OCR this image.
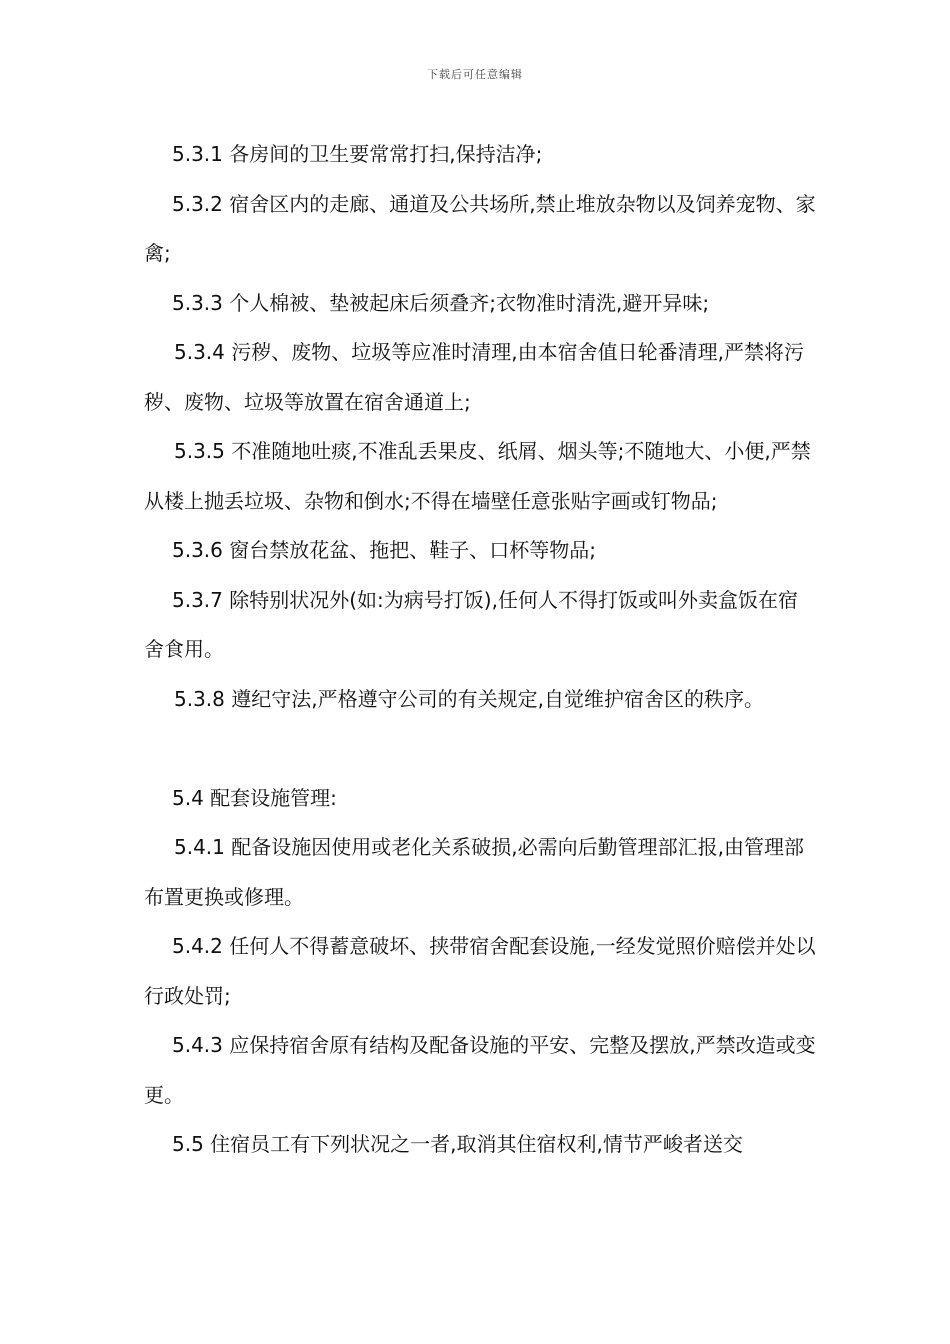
下载后可任意编辑

5.3.1 各房间的卫生要常常打扫,保持洁净;

5.3.2 宿舍区内的走廊、通道及公共场所,禁止堆放杂物以及饲养宠物、家禽;

5.3.3 个人棉被、垫被起床后须叠齐;衣物准时清洗,避开异味;

5.3.4 污秽、废物、垃圾等应准时清理,由本宿舍值日轮番清理,严禁将污秽、废物、垃圾等放置在宿舍通道上;

5.3.5 不准随地吐痰,不准乱丢果皮、纸屑、烟头等;不随地大、小便,严禁从楼上抛丢垃圾、杂物和倒水;不得在墙壁任意张贴字画或钉物品;

5.3.6 窗台禁放花盆、拖把、鞋子、口杯等物品;

5.3.7 除特别状况外(如:为病号打饭),任何人不得打饭或叫外卖盒饭在宿舍食用。

5.3.8 遵纪守法,严格遵守公司的有关规定,自觉维护宿舍区的秩序。

5.4 配套设施管理:

5.4.1 配备设施因使用或老化关系破损,必需向后勤管理部汇报,由管理部布置更换或修理。

5.4.2 任何人不得蓄意破坏、挟带宿舍配套设施,一经发觉照价赔偿并处以行政处罚;

5.4.3 应保持宿舍原有结构及配备设施的平安、完整及摆放,严禁改造或变更。

5.5 住宿员工有下列状况之一者,取消其住宿权利,情节严峻者送交
